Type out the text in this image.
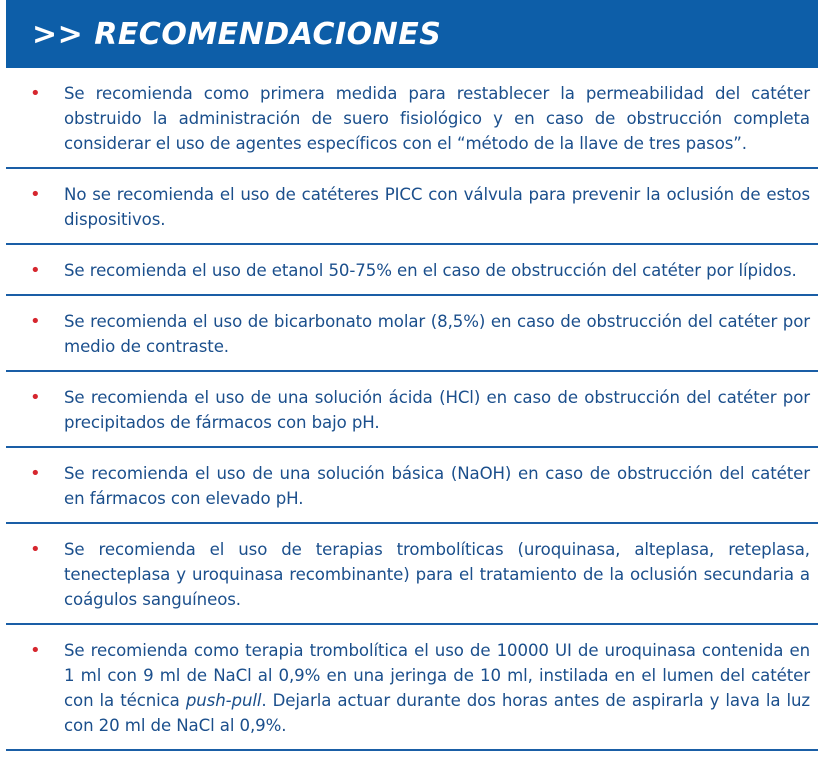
>> RECOMENDACIONES
•	Se recomienda como primera medida para restablecer la permeabilidad del catéter obstruido la administración de suero fisiológico y en caso de obstrucción completa considerar el uso de agentes específicos con el “método de la llave de tres pasos”.
•	No se recomienda el uso de catéteres PICC con válvula para prevenir la oclusión de estos dispositivos.
•	Se recomienda el uso de etanol 50-75% en el caso de obstrucción del catéter por lípidos.
•	Se recomienda el uso de bicarbonato molar (8,5%) en caso de obstrucción del catéter por medio de contraste.
•	Se recomienda el uso de una solución ácida (HCl) en caso de obstrucción del catéter por precipitados de fármacos con bajo pH.
•	Se recomienda el uso de una solución básica (NaOH) en caso de obstrucción del catéter en fármacos con elevado pH.
•	Se recomienda el uso de terapias trombolíticas (uroquinasa, alteplasa, reteplasa, tenecteplasa y uroquinasa recombinante) para el tratamiento de la oclusión secundaria a coágulos sanguíneos.
•	Se recomienda como terapia trombolítica el uso de 10000 UI de uroquinasa contenida en 1 ml con 9 ml de NaCl al 0,9% en una jeringa de 10 ml, instilada en el lumen del catéter con la técnica push-pull. Dejarla actuar durante dos horas antes de aspirarla y lava la luz con 20 ml de NaCl al 0,9%.
